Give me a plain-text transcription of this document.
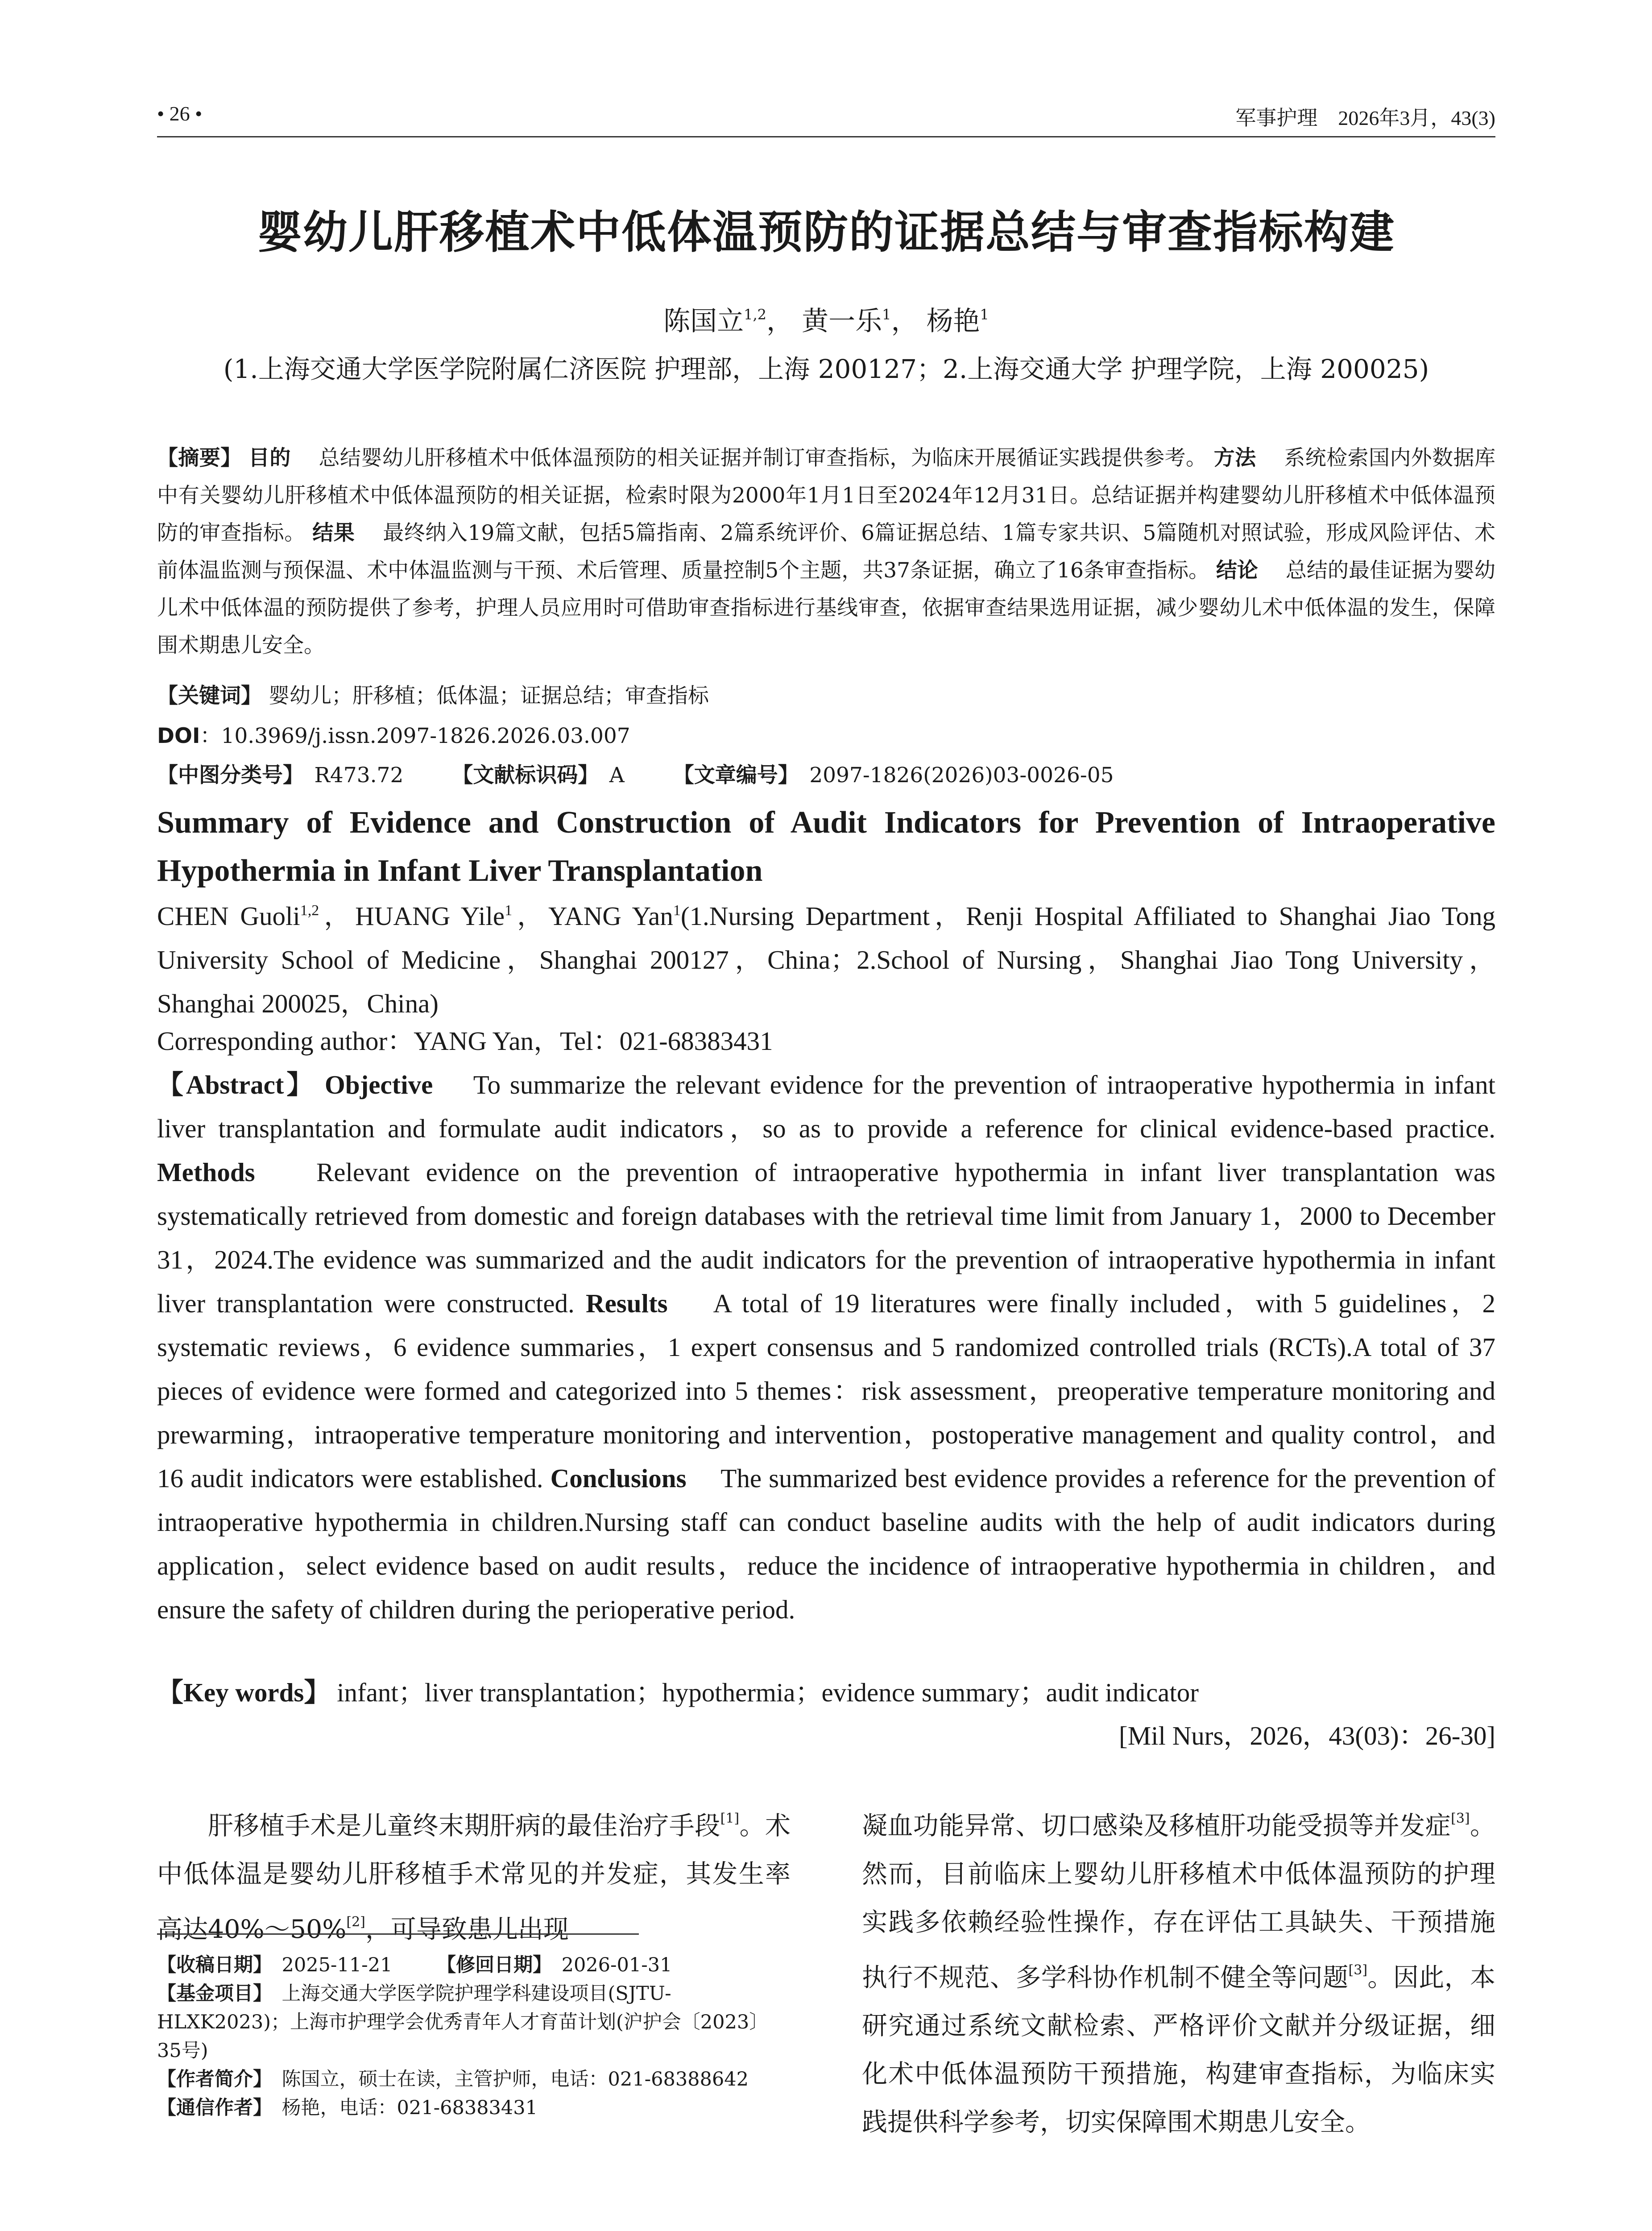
• 26 •	军事护理　2026年3月，43(3)
婴幼儿肝移植术中低体温预防的证据总结与审查指标构建
陈国立$^{1,2}$， 黄一乐$^1$， 杨艳$^1$
(1.上海交通大学医学院附属仁济医院 护理部，上海 200127；2.上海交通大学 护理学院，上海 200025)
【摘要】 目的　 总结婴幼儿肝移植术中低体温预防的相关证据并制订审查指标，为临床开展循证实践提供参考。 方法　 系统检索国内外数据库中有关婴幼儿肝移植术中低体温预防的相关证据，检索时限为2000年1月1日至2024年12月31日。总结证据并构建婴幼儿肝移植术中低体温预防的审查指标。 结果　 最终纳入19篇文献，包括5篇指南、2篇系统评价、6篇证据总结、1篇专家共识、5篇随机对照试验，形成风险评估、术前体温监测与预保温、术中体温监测与干预、术后管理、质量控制5个主题，共37条证据，确立了16条审查指标。 结论　 总结的最佳证据为婴幼儿术中低体温的预防提供了参考，护理人员应用时可借助审查指标进行基线审查，依据审查结果选用证据，减少婴幼儿术中低体温的发生，保障围术期患儿安全。
【关键词】 婴幼儿；肝移植；低体温；证据总结；审查指标
DOI：10.3969/j.issn.2097-1826.2026.03.007
【中图分类号】　 R473.72　　 【文献标识码】　 A　　 【文章编号】　 2097-1826(2026)03-0026-05
Summary of Evidence and Construction of Audit Indicators for Prevention of Intraoperative Hypothermia in Infant Liver Transplantation
CHEN Guoli$^{1,2}$，HUANG Yile$^1$，YANG Yan$^1$(1.Nursing Department，Renji Hospital Affiliated to Shanghai Jiao Tong University School of Medicine，Shanghai 200127，China；2.School of Nursing，Shanghai Jiao Tong University，Shanghai 200025，China)
Corresponding author：YANG Yan，Tel：021-68383431
【Abstract】 Objective　 To summarize the relevant evidence for the prevention of intraoperative hypothermia in infant liver transplantation and formulate audit indicators，so as to provide a reference for clinical evidence-based practice. Methods　 Relevant evidence on the prevention of intraoperative hypothermia in infant liver transplantation was systematically retrieved from domestic and foreign databases with the retrieval time limit from January 1，2000 to December 31，2024.The evidence was summarized and the audit indicators for the prevention of intraoperative hypothermia in infant liver transplantation were constructed. Results　 A total of 19 literatures were finally included，with 5 guidelines，2 systematic reviews，6 evidence summaries，1 expert consensus and 5 randomized controlled trials (RCTs).A total of 37 pieces of evidence were formed and categorized into 5 themes：risk assessment，preoperative temperature monitoring and prewarming，intraoperative temperature monitoring and intervention，postoperative management and quality control，and 16 audit indicators were established. Conclusions　 The summarized best evidence provides a reference for the prevention of intraoperative hypothermia in children.Nursing staff can conduct baseline audits with the help of audit indicators during application，select evidence based on audit results，reduce the incidence of intraoperative hypothermia in children，and ensure the safety of children during the perioperative period.
【Key words】 infant；liver transplantation；hypothermia；evidence summary；audit indicator
[Mil Nurs，2026，43(03)：26-30]
肝移植手术是儿童终末期肝病的最佳治疗手段[1]。术中低体温是婴幼儿肝移植手术常见的并发症，其发生率高达40%～50%[2]，可导致患儿出现
【收稿日期】　 2025-11-21　　 【修回日期】　 2026-01-31
【基金项目】　 上海交通大学医学院护理学科建设项目(SJTU-HLXK2023)；上海市护理学会优秀青年人才育苗计划(沪护会〔2023〕35号)
【作者简介】　 陈国立，硕士在读，主管护师，电话：021-68388642
【通信作者】　 杨艳，电话：021-68383431
凝血功能异常、切口感染及移植肝功能受损等并发症[3]。然而，目前临床上婴幼儿肝移植术中低体温预防的护理实践多依赖经验性操作，存在评估工具缺失、干预措施执行不规范、多学科协作机制不健全等问题[3]。因此，本研究通过系统文献检索、严格评价文献并分级证据，细化术中低体温预防干预措施，构建审查指标，为临床实践提供科学参考，切实保障围术期患儿安全。
